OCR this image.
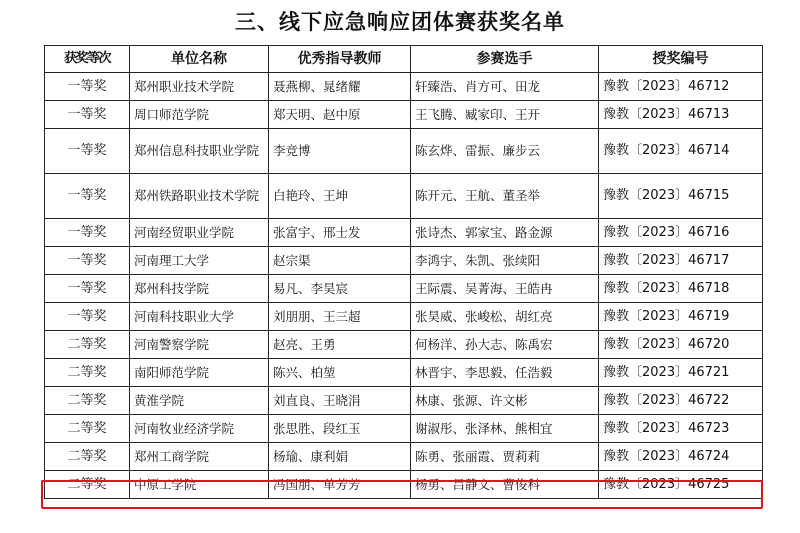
三、线下应急响应团体赛获奖名单
获奖等次	单位名称	优秀指导教师	参赛选手	授奖编号
一等奖	郑州职业技术学院	聂燕柳、晁绪耀	轩臻浩、肖方可、田龙	豫教〔2023〕46712
一等奖	周口师范学院	郑天明、赵中原	王飞腾、臧家印、王开	豫教〔2023〕46713
一等奖	郑州信息科技职业学院	李竞博	陈玄烨、雷振、廉步云	豫教〔2023〕46714
一等奖	郑州铁路职业技术学院	白艳玲、王坤	陈开元、王航、董圣举	豫教〔2023〕46715
一等奖	河南经贸职业学院	张富宇、邢士发	张诗杰、郭家宝、路金源	豫教〔2023〕46716
一等奖	河南理工大学	赵宗渠	李鸿宇、朱凯、张续阳	豫教〔2023〕46717
一等奖	郑州科技学院	易凡、李昊宸	王际震、吴菁海、王皓冉	豫教〔2023〕46718
一等奖	河南科技职业大学	刘朋朋、王三超	张昊威、张峻松、胡红亮	豫教〔2023〕46719
二等奖	河南警察学院	赵亮、王勇	何杨洋、孙大志、陈禹宏	豫教〔2023〕46720
二等奖	南阳师范学院	陈兴、柏堃	林晋宇、李思毅、任浩毅	豫教〔2023〕46721
二等奖	黄淮学院	刘直良、王晓涓	林康、张源、许文彬	豫教〔2023〕46722
二等奖	河南牧业经济学院	张思胜、段红玉	谢淑彤、张泽林、熊相宜	豫教〔2023〕46723
二等奖	郑州工商学院	杨瑜、康利娟	陈勇、张丽霞、贾莉莉	豫教〔2023〕46724
二等奖	中原工学院	冯国朋、单芳芳	杨勇、吕静文、曹俊科	豫教〔2023〕46725
